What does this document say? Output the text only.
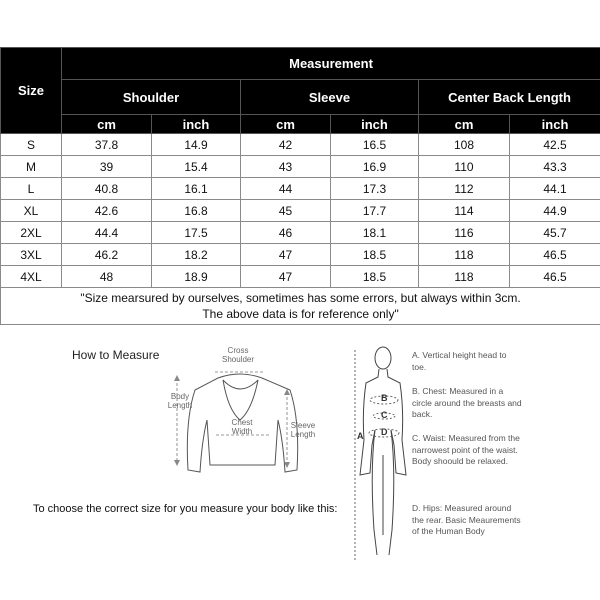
Size	Measurement					
	Shoulder		Sleeve		Center Back Length	
	cm	inch	cm	inch	cm	inch
S	37.8	14.9	42	16.5	108	42.5
M	39	15.4	43	16.9	110	43.3
L	40.8	16.1	44	17.3	112	44.1
XL	42.6	16.8	45	17.7	114	44.9
2XL	44.4	17.5	46	18.1	116	45.7
3XL	46.2	18.2	47	18.5	118	46.5
4XL	48	18.9	47	18.5	118	46.5

"Size mearsured by ourselves, sometimes has some errors, but always within 3cm.
The above data is for reference only"						
How to Measure	Cross Shoulder
Body Length
Chest Width
Sleeve Length	A
B
C
D
A. Vertical height head to toe.
B. Chest: Measured in a circle around the breasts and back.
C. Waist: Measured from the narrowest point of the waist. Body shoould be relaxed.
D. Hips: Measured around the rear. Basic Meaurements of the Human Body
To choose the correct size for you measure your body like this:
